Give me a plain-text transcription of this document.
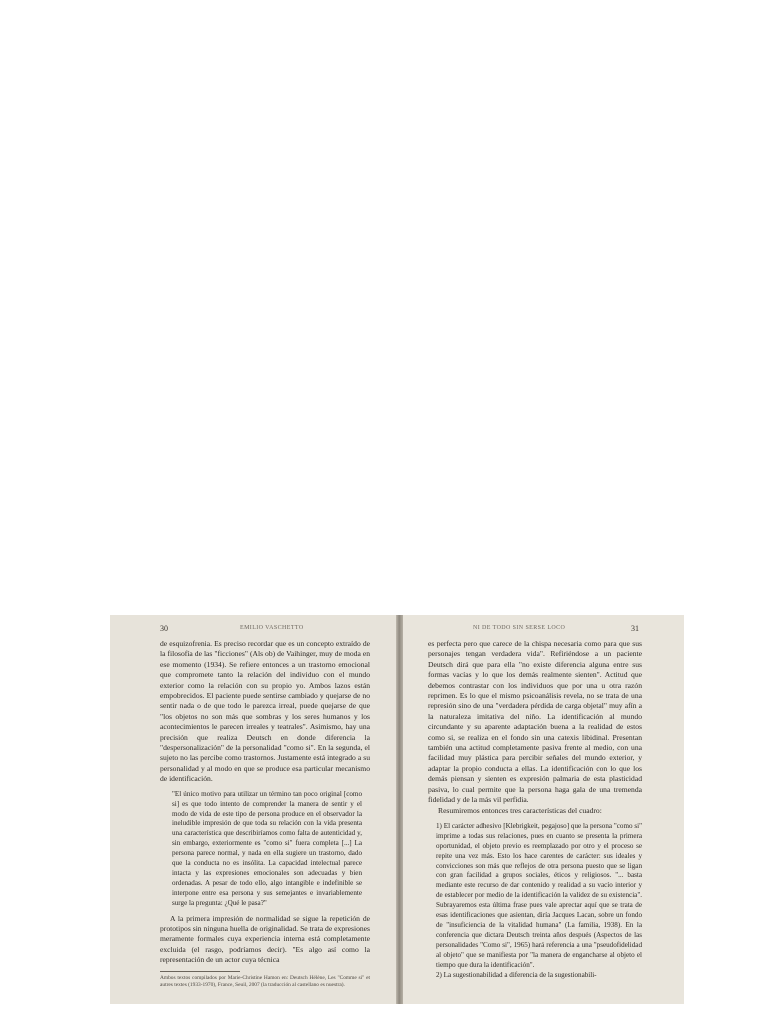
30	EMILIO VASCHETTO

de esquizofrenia. Es preciso recordar que es un concepto extraído de la filosofía de las "ficciones" (Als ob) de Vaihinger, muy de moda en ese momento (1934). Se refiere entonces a un trastorno emocional que compromete tanto la relación del individuo con el mundo exterior como la relación con su propio yo. Ambos lazos están empobrecidos. El paciente puede sentirse cambiado y quejarse de no sentir nada o de que todo le parezca irreal, puede quejarse de que "los objetos no son más que sombras y los seres humanos y los acontecimientos le parecen irreales y teatrales". Asimismo, hay una precisión que realiza Deutsch en donde diferencia la "despersonalización" de la personalidad "como si". En la segunda, el sujeto no las percibe como trastornos. Justamente está integrado a su personalidad y al modo en que se produce esa particular mecanismo de identificación.

"El único motivo para utilizar un término tan poco original [como si] es que todo intento de comprender la manera de sentir y el modo de vida de este tipo de persona produce en el observador la ineludible impresión de que toda su relación con la vida presenta una característica que describiríamos como falta de autenticidad y, sin embargo, exteriormente es "como si" fuera completa [...] La persona parece normal, y nada en ella sugiere un trastorno, dado que la conducta no es insólita. La capacidad intelectual parece intacta y las expresiones emocionales son adecuadas y bien ordenadas. A pesar de todo ello, algo intangible e indefinible se interpone entre esa persona y sus semejantes e invariablemente surge la pregunta: ¿Qué le pasa?"

A la primera impresión de normalidad se sigue la repetición de prototipos sin ninguna huella de originalidad. Se trata de expresiones meramente formales cuya experiencia interna está completamente excluida (el rasgo, podríamos decir). "Es algo así como la representación de un actor cuya técnica

Ambos textos compilados por Marie-Christine Hamon en: Deutsch Hélène, Les "Comme si" et autres textes (1933-1970), France, Seuil, 2007 (la traducción al castellano es nuestra).
NI DE TODO SIN SERSE LOCO	31

es perfecta pero que carece de la chispa necesaria como para que sus personajes tengan verdadera vida". Refiriéndose a un paciente Deutsch dirá que para ella "no existe diferencia alguna entre sus formas vacías y lo que los demás realmente sienten". Actitud que debemos contrastar con los individuos que por una u otra razón reprimen. Es lo que el mismo psicoanálisis revela, no se trata de una represión sino de una "verdadera pérdida de carga objetal" muy afín a la naturaleza imitativa del niño. La identificación al mundo circundante y su aparente adaptación buena a la realidad de estos como si, se realiza en el fondo sin una catexis libidinal. Presentan también una actitud completamente pasiva frente al medio, con una facilidad muy plástica para percibir señales del mundo exterior, y adaptar la propio conducta a ellas. La identificación con lo que los demás piensan y sienten es expresión palmaria de esta plasticidad pasiva, lo cual permite que la persona haga gala de una tremenda fidelidad y de la más vil perfidia.

Resumiremos entonces tres características del cuadro:

1) El carácter adhesivo [Klebrigkeit, pegajoso] que la persona "como si" imprime a todas sus relaciones, pues en cuanto se presenta la primera oportunidad, el objeto previo es reemplazado por otro y el proceso se repite una vez más. Esto los hace carentes de carácter: sus ideales y convicciones son más que reflejos de otra persona puesto que se ligan con gran facilidad a grupos sociales, éticos y religiosos. "... basta mediante este recurso de dar contenido y realidad a su vacío interior y de establecer por medio de la identificación la validez de su existencia". Subrayaremos esta última frase pues vale aprectar aquí que se trata de esas identificaciones que asientan, diría Jacques Lacan, sobre un fondo de "insuficiencia de la vitalidad humana" (La familia, 1938). En la conferencia que dictara Deutsch treinta años después (Aspectos de las personalidades "Como si", 1965) hará referencia a una "pseudofidelidad al objeto" que se manifiesta por "la manera de engancharse al objeto el tiempo que dura la identificación".

2) La sugestionabilidad a diferencia de la sugestionabili-
